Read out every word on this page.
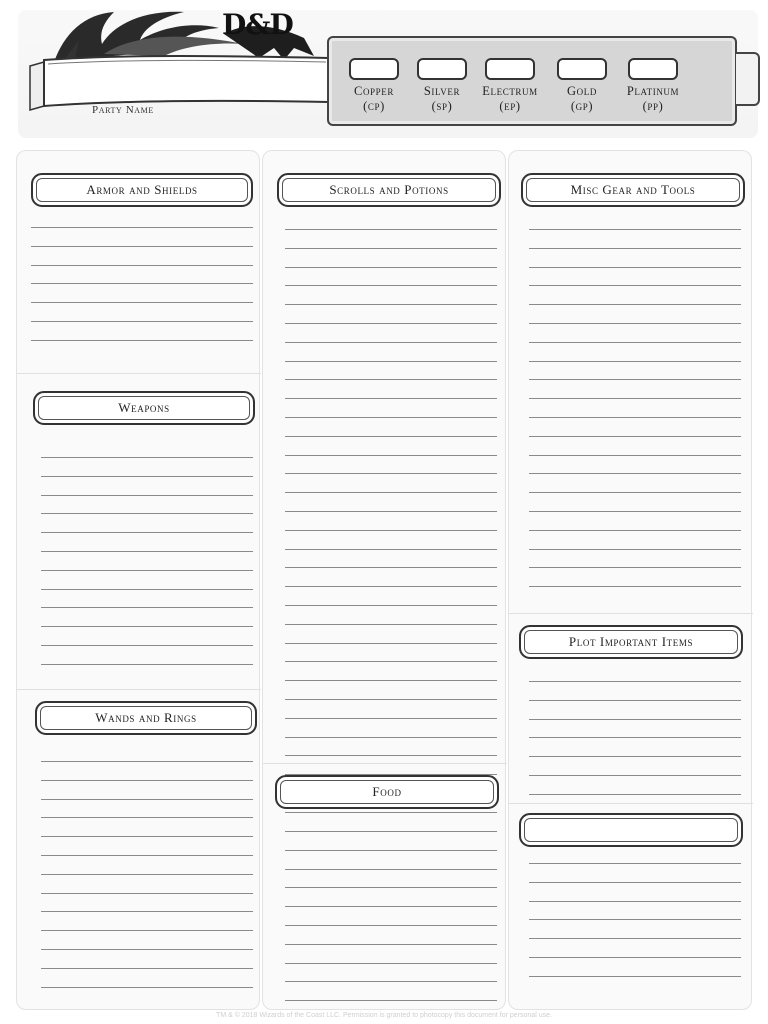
D&D
Party Name
Copper
(cp)
Silver
(sp)
Electrum
(ep)
Gold
(gp)
Platinum
(pp)
Armor and Shields
Weapons
Wands and Rings
Scrolls and Potions
Food
Misc Gear and Tools
Plot Important Items
TM & © 2018 Wizards of the Coast LLC. Permission is granted to photocopy this document for personal use.
